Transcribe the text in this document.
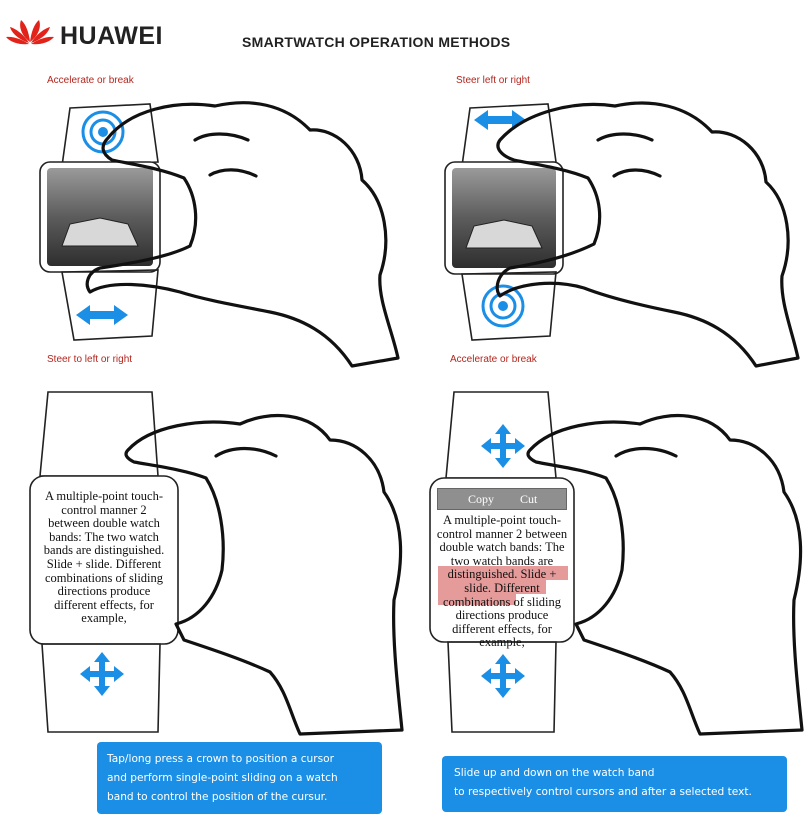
HUAWEI	SMARTWATCH OPERATION METHODS
Accelerate or break	Steer left or right
Steer to left or right	Accelerate or break
A multiple-point touch-
control manner 2
between double watch
bands: The two watch
bands are distinguished.
Slide + slide. Different
combinations of sliding
directions produce
different effects, for
example,
Copy Cut
A multiple-point touch-
control manner 2 between
double watch bands: The
two watch bands are
distinguished. Slide +
slide. Different
combinations of sliding
directions produce
different effects, for
example,
Tap/long press a crown to position a cursor
and perform single-point sliding on a watch
band to control the position of the cursur.
Slide up and down on the watch band
to respectively control cursors and after a selected text.
